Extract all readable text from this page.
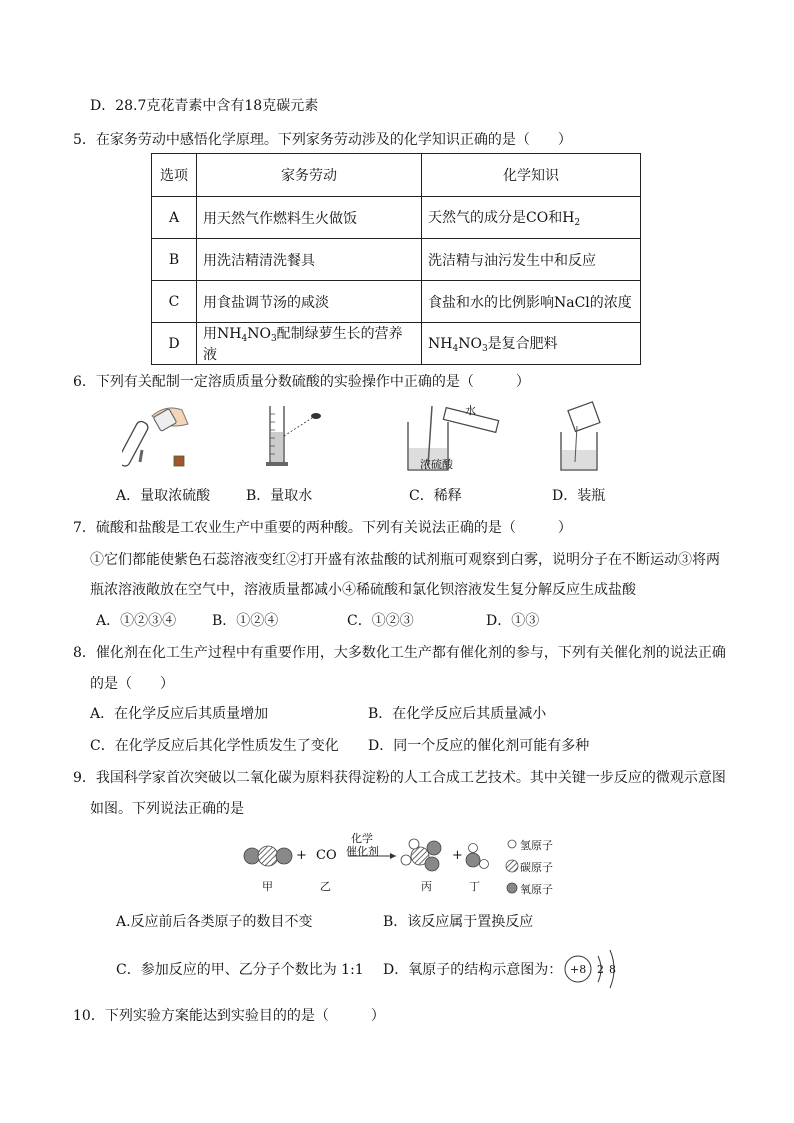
D．28.7克花青素中含有18克碳元素
5．在家务劳动中感悟化学原理。下列家务劳动涉及的化学知识正确的是（　　）
选项	家务劳动	化学知识
A	用天然气作燃料生火做饭	天然气的成分是CO和$H_2$
B	用洗洁精清洗餐具	洗洁精与油污发生中和反应
C	用食盐调节汤的咸淡	食盐和水的比例影响NaCl的浓度
D	用$NH_4NO_3$配制绿萝生长的营养液	$NH_4NO_3$是复合肥料
6．下列有关配制一定溶质质量分数硫酸的实验操作中正确的是（　　　）
水
浓硫酸
A．量取浓硫酸	B．量取水	C．稀释	D．装瓶
7．硫酸和盐酸是工农业生产中重要的两种酸。下列有关说法正确的是（　　　）
①它们都能使紫色石蕊溶液变红②打开盛有浓盐酸的试剂瓶可观察到白雾，说明分子在不断运动③将两
瓶浓溶液敞放在空气中，溶液质量都减小④稀硫酸和氯化钡溶液发生复分解反应生成盐酸
A．①②③④	B．①②④	C．①②③	D．①③
8．催化剂在化工生产过程中有重要作用，大多数化工生产都有催化剂的参与，下列有关催化剂的说法正确
的是（　　）
A．在化学反应后其质量增加	B．在化学反应后其质量减小
C．在化学反应后其化学性质发生了变化 D．同一个反应的催化剂可能有多种
9．我国科学家首次突破以二氧化碳为原料获得淀粉的人工合成工艺技术。其中关键一步反应的微观示意图
如图。下列说法正确的是
+ CO
化学
催化剂	+
甲	乙	丙	丁
氢原子
碳原子
氧原子
A.反应前后各类原子的数目不变	B．该反应属于置换反应
C．参加反应的甲、乙分子个数比为 1:1 D．氧原子的结构示意图为： +8 2 8
10．下列实验方案能达到实验目的的是（　　　）
